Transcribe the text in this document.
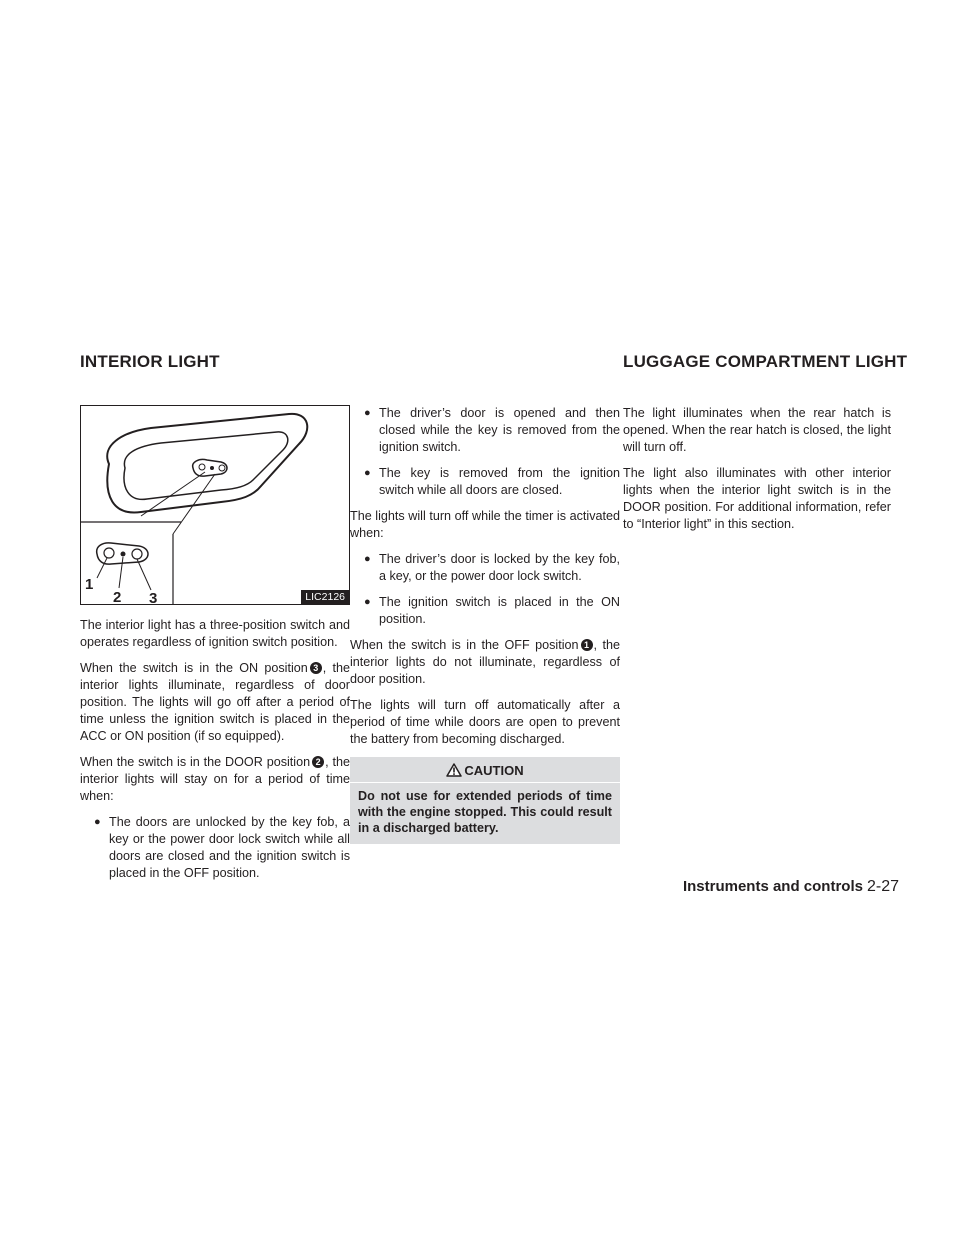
INTERIOR LIGHT	LUGGAGE COMPARTMENT LIGHT
1
2 3	LIC2126

The interior light has a three-position switch and operates regardless of ignition switch position.

When the switch is in the ON position 3 , the interior lights illuminate, regardless of door position. The lights will go off after a period of time unless the ignition switch is placed in the ACC or ON position (if so equipped).

When the switch is in the DOOR position 2 , the interior lights will stay on for a period of time when:

● The doors are unlocked by the key fob, a key or the power door lock switch while all doors are closed and the ignition switch is placed in the OFF position.
● The driver’s door is opened and then closed while the key is removed from the ignition switch.
● The key is removed from the ignition switch while all doors are closed.

The lights will turn off while the timer is activated when:

● The driver’s door is locked by the key fob, a key, or the power door lock switch.
● The ignition switch is placed in the ON position.

When the switch is in the OFF position 1 , the interior lights do not illuminate, regardless of door position.

The lights will turn off automatically after a period of time while doors are open to prevent the battery from becoming discharged.

CAUTION
Do not use for extended periods of time with the engine stopped. This could result in a discharged battery.

The light illuminates when the rear hatch is opened. When the rear hatch is closed, the light will turn off.

The light also illuminates with other interior lights when the interior light switch is in the DOOR position. For additional information, refer to “Interior light” in this section.

Instruments and controls 2-27
